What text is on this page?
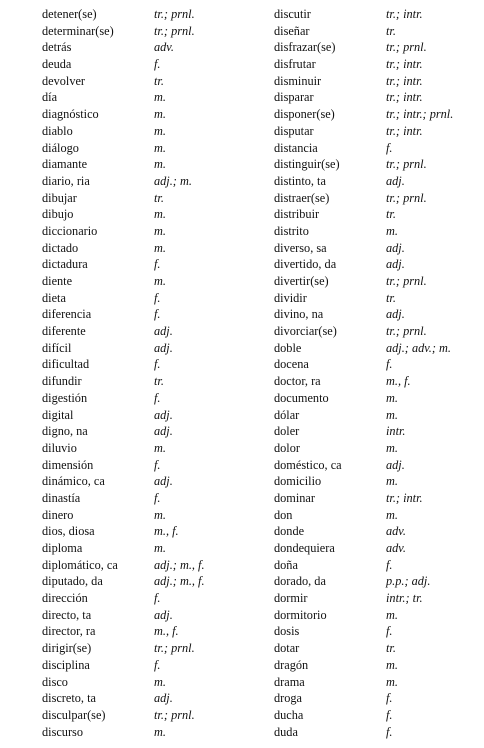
detener(se)	tr.; prnl.
determinar(se)	tr.; prnl.
detrás	adv.
deuda	f.
devolver	tr.
día	m.
diagnóstico	m.
diablo	m.
diálogo	m.
diamante	m.
diario, ria	adj.; m.
dibujar	tr.
dibujo	m.
diccionario	m.
dictado	m.
dictadura	f.
diente	m.
dieta	f.
diferencia	f.
diferente	adj.
difícil	adj.
dificultad	f.
difundir	tr.
digestión	f.
digital	adj.
digno, na	adj.
diluvio	m.
dimensión	f.
dinámico, ca	adj.
dinastía	f.
dinero	m.
dios, diosa	m., f.
diploma	m.
diplomático, ca	adj.; m., f.
diputado, da	adj.; m., f.
dirección	f.
directo, ta	adj.
director, ra	m., f.
dirigir(se)	tr.; prnl.
disciplina	f.
disco	m.
discreto, ta	adj.
disculpar(se)	tr.; prnl.
discurso	m.
discutir	tr.; intr.
diseñar	tr.
disfrazar(se)	tr.; prnl.
disfrutar	tr.; intr.
disminuir	tr.; intr.
disparar	tr.; intr.
disponer(se)	tr.; intr.; prnl.
disputar	tr.; intr.
distancia	f.
distinguir(se)	tr.; prnl.
distinto, ta	adj.
distraer(se)	tr.; prnl.
distribuir	tr.
distrito	m.
diverso, sa	adj.
divertido, da	adj.
divertir(se)	tr.; prnl.
dividir	tr.
divino, na	adj.
divorciar(se)	tr.; prnl.
doble	adj.; adv.; m.
docena	f.
doctor, ra	m., f.
documento	m.
dólar	m.
doler	intr.
dolor	m.
doméstico, ca	adj.
domicilio	m.
dominar	tr.; intr.
don	m.
donde	adv.
dondequiera	adv.
doña	f.
dorado, da	p.p.; adj.
dormir	intr.; tr.
dormitorio	m.
dosis	f.
dotar	tr.
dragón	m.
drama	m.
droga	f.
ducha	f.
duda	f.
